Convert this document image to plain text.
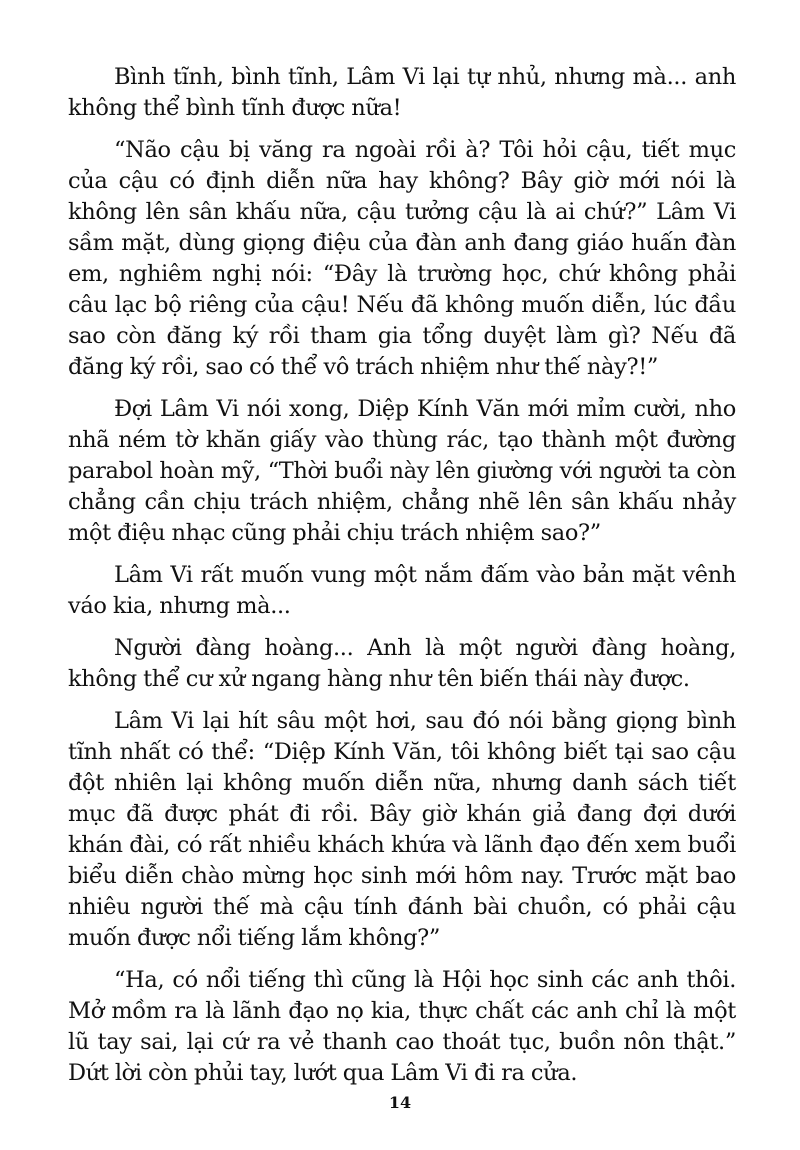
Bình tĩnh, bình tĩnh, Lâm Vi lại tự nhủ, nhưng mà... anh không thể bình tĩnh được nữa!

“Não cậu bị văng ra ngoài rồi à? Tôi hỏi cậu, tiết mục của cậu có định diễn nữa hay không? Bây giờ mới nói là không lên sân khấu nữa, cậu tưởng cậu là ai chứ?” Lâm Vi sầm mặt, dùng giọng điệu của đàn anh đang giáo huấn đàn em, nghiêm nghị nói: “Đây là trường học, chứ không phải câu lạc bộ riêng của cậu! Nếu đã không muốn diễn, lúc đầu sao còn đăng ký rồi tham gia tổng duyệt làm gì? Nếu đã đăng ký rồi, sao có thể vô trách nhiệm như thế này?!”

Đợi Lâm Vi nói xong, Diệp Kính Văn mới mỉm cười, nho nhã ném tờ khăn giấy vào thùng rác, tạo thành một đường parabol hoàn mỹ, “Thời buổi này lên giường với người ta còn chẳng cần chịu trách nhiệm, chẳng nhẽ lên sân khấu nhảy một điệu nhạc cũng phải chịu trách nhiệm sao?”

Lâm Vi rất muốn vung một nắm đấm vào bản mặt vênh váo kia, nhưng mà...

Người đàng hoàng... Anh là một người đàng hoàng, không thể cư xử ngang hàng như tên biến thái này được.

Lâm Vi lại hít sâu một hơi, sau đó nói bằng giọng bình tĩnh nhất có thể: “Diệp Kính Văn, tôi không biết tại sao cậu đột nhiên lại không muốn diễn nữa, nhưng danh sách tiết mục đã được phát đi rồi. Bây giờ khán giả đang đợi dưới khán đài, có rất nhiều khách khứa và lãnh đạo đến xem buổi biểu diễn chào mừng học sinh mới hôm nay. Trước mặt bao nhiêu người thế mà cậu tính đánh bài chuồn, có phải cậu muốn được nổi tiếng lắm không?”

“Ha, có nổi tiếng thì cũng là Hội học sinh các anh thôi. Mở mồm ra là lãnh đạo nọ kia, thực chất các anh chỉ là một lũ tay sai, lại cứ ra vẻ thanh cao thoát tục, buồn nôn thật.” Dứt lời còn phủi tay, lướt qua Lâm Vi đi ra cửa.

14
